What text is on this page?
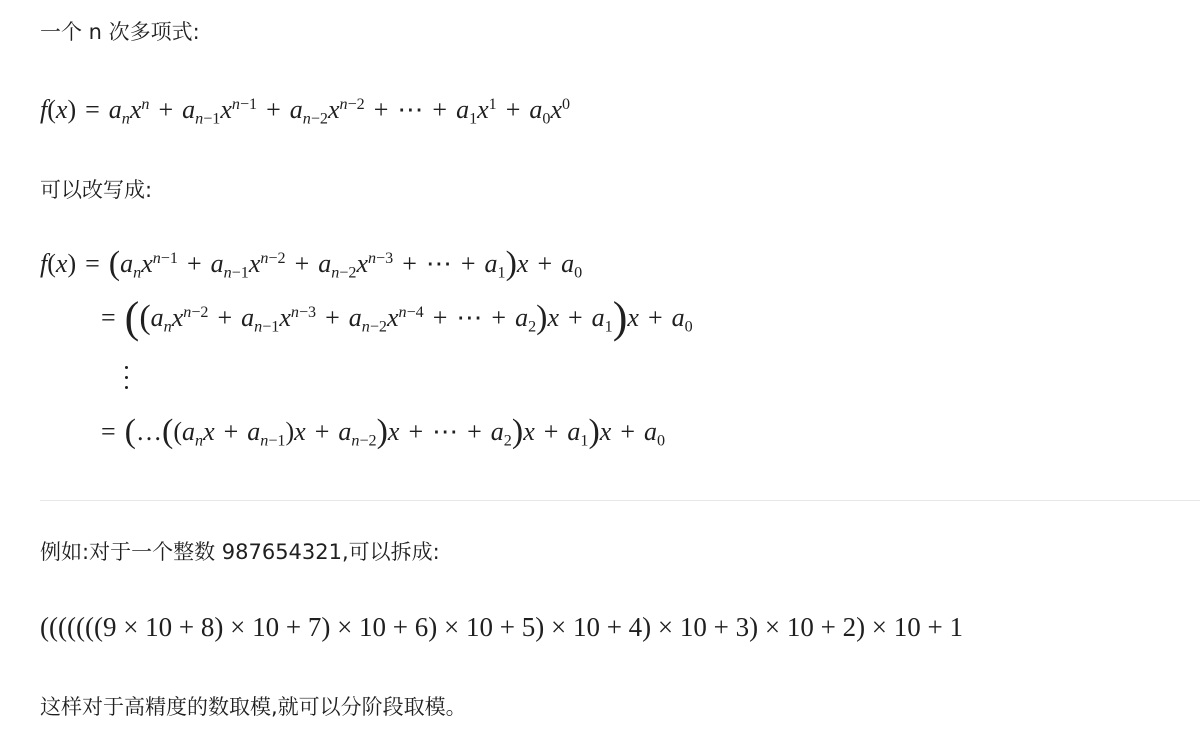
一个 n 次多项式:
$f(x) = a_nx^n + a_{n-1}x^{n-1} + a_{n-2}x^{n-2}$ + ⋯ + $a_1x^1 + a_0x^0$
可以改写成:
$f(x) = (a_nx^{n-1} + a_{n-1}x^{n-2} + a_{n-2}x^{n-3}$ + ⋯ + $a_1)x + a_0$
= (($a_nx^{n-2} + a_{n-1}x^{n-3} + a_{n-2}x^{n-4}$ + ⋯ + $a_2)x + a_1)x + a_0$
= ($\dots((a_nx + a_{n-1})x + a_{n-2})x$ + ⋯ + $a_2)x + a_1)x + a_0$
例如:对于一个整数 987654321,可以拆成:
(((((((9 × 10 + 8) × 10 + 7) × 10 + 6) × 10 + 5) × 10 + 4) × 10 + 3) × 10 + 2) × 10 + 1
这样对于高精度的数取模,就可以分阶段取模。
